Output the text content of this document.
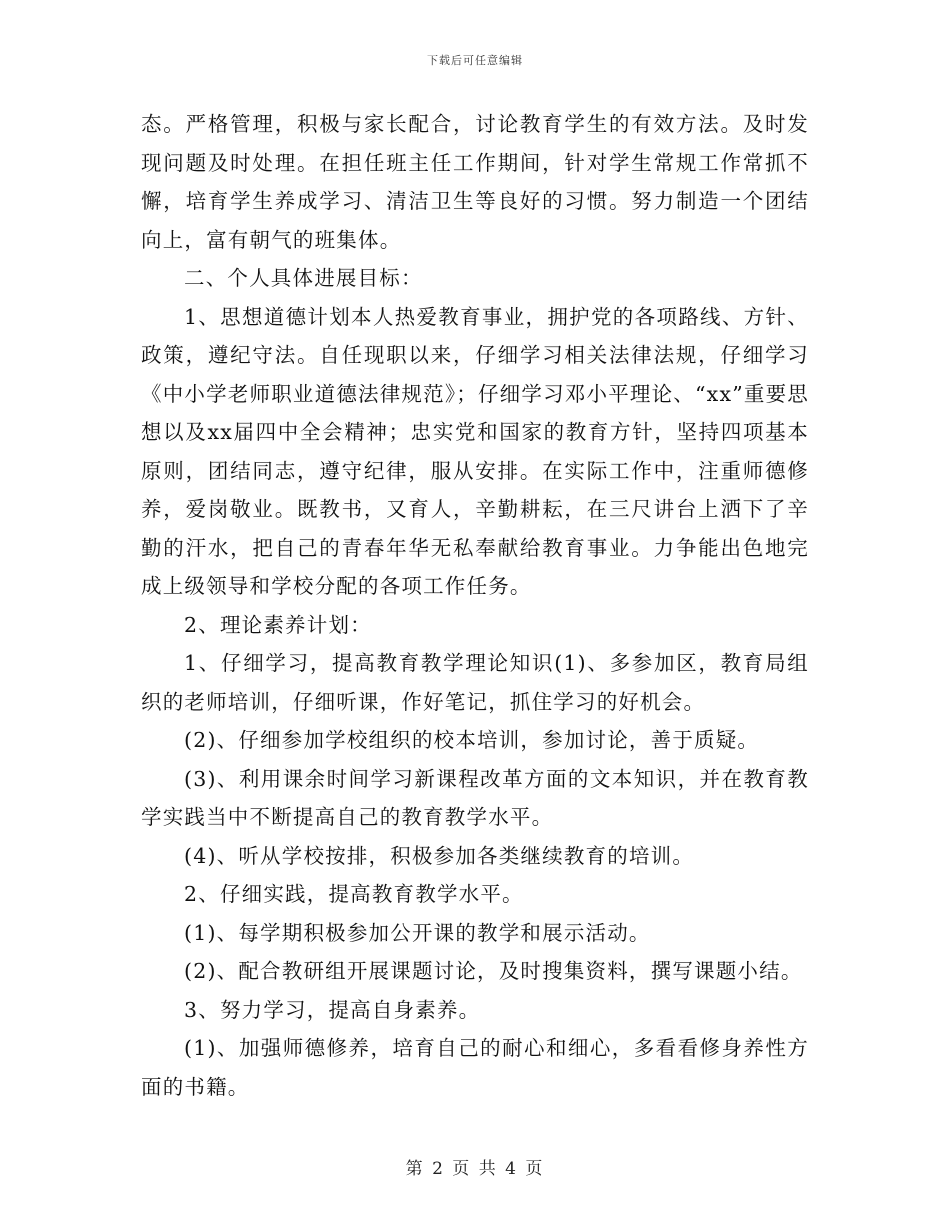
下载后可任意编辑

态。严格管理，积极与家长配合，讨论教育学生的有效方法。及时发现问题及时处理。在担任班主任工作期间，针对学生常规工作常抓不懈，培育学生养成学习、清洁卫生等良好的习惯。努力制造一个团结向上，富有朝气的班集体。

二、个人具体进展目标：

1、思想道德计划本人热爱教育事业，拥护党的各项路线、方针、政策，遵纪守法。自任现职以来，仔细学习相关法律法规，仔细学习《中小学老师职业道德法律规范》；仔细学习邓小平理论、“xx”重要思想以及xx届四中全会精神；忠实党和国家的教育方针，坚持四项基本原则，团结同志，遵守纪律，服从安排。在实际工作中，注重师德修养，爱岗敬业。既教书，又育人，辛勤耕耘，在三尺讲台上洒下了辛勤的汗水，把自己的青春年华无私奉献给教育事业。力争能出色地完成上级领导和学校分配的各项工作任务。

2、理论素养计划：

1、仔细学习，提高教育教学理论知识(1)、多参加区，教育局组织的老师培训，仔细听课，作好笔记，抓住学习的好机会。

(2)、仔细参加学校组织的校本培训，参加讨论，善于质疑。

(3)、利用课余时间学习新课程改革方面的文本知识，并在教育教学实践当中不断提高自己的教育教学水平。

(4)、听从学校按排，积极参加各类继续教育的培训。

2、仔细实践，提高教育教学水平。

(1)、每学期积极参加公开课的教学和展示活动。

(2)、配合教研组开展课题讨论，及时搜集资料，撰写课题小结。

3、努力学习，提高自身素养。

(1)、加强师德修养，培育自己的耐心和细心，多看看修身养性方面的书籍。

第 2 页 共 4 页
